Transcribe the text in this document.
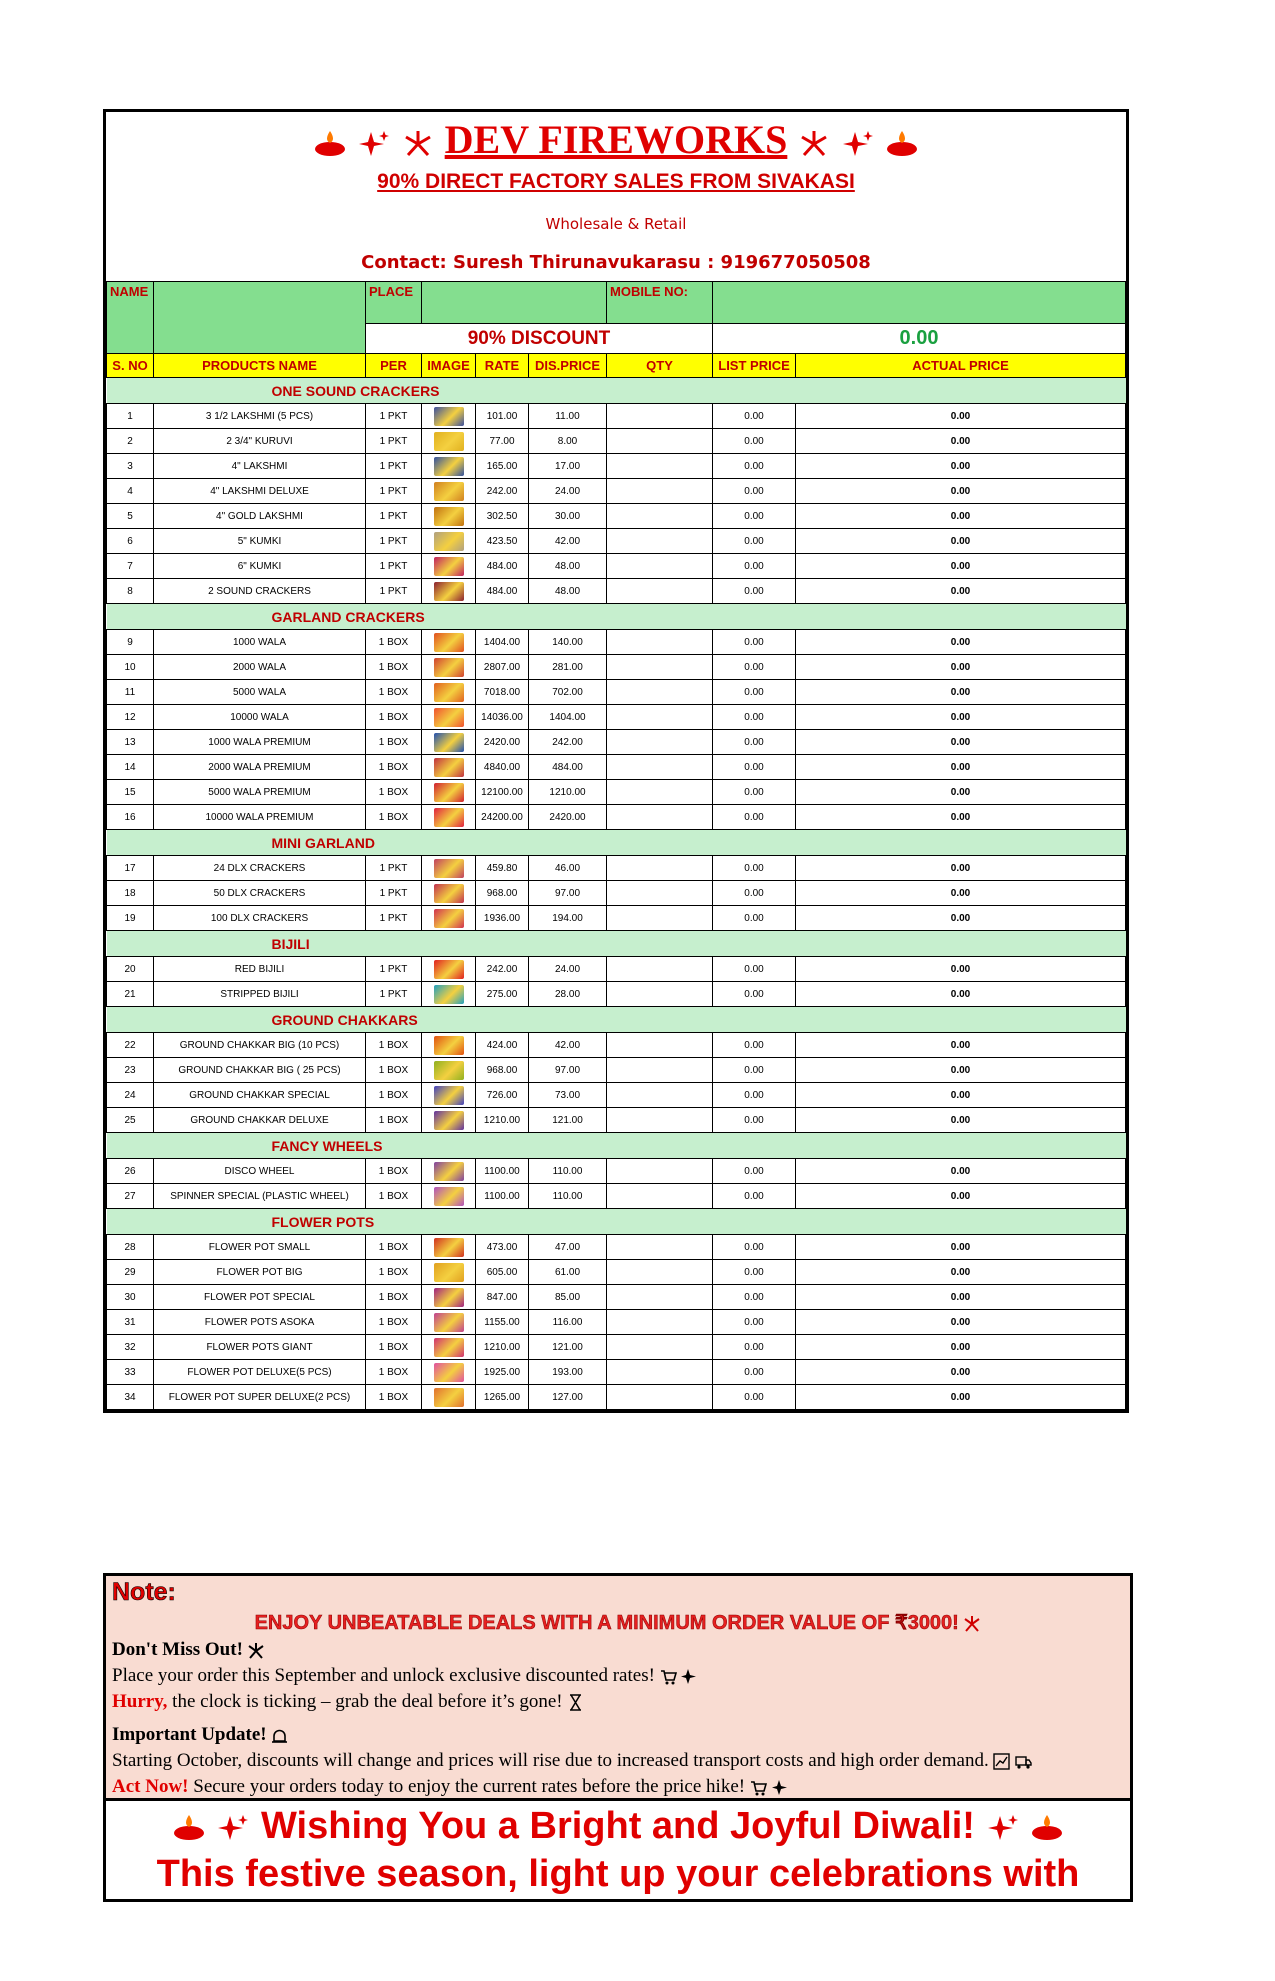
DEV FIREWORKS
90% DIRECT FACTORY SALES FROM SIVAKASI
Wholesale & Retail
Contact: Suresh Thirunavukarasu : 919677050508
NAME		PLACE				MOBILE NO:		
		90% DISCOUNT					0.00	
S. NO	PRODUCTS NAME	PER	IMAGE	RATE	DIS.PRICE	QTY	LIST PRICE	ACTUAL PRICE
ONE SOUND CRACKERS								
1	3 1/2 LAKSHMI (5 PCS)	1 PKT		101.00	11.00		0.00	0.00
2	2 3/4" KURUVI	1 PKT		77.00	8.00		0.00	0.00
3	4" LAKSHMI	1 PKT		165.00	17.00		0.00	0.00
4	4" LAKSHMI DELUXE	1 PKT		242.00	24.00		0.00	0.00
5	4" GOLD LAKSHMI	1 PKT		302.50	30.00		0.00	0.00
6	5" KUMKI	1 PKT		423.50	42.00		0.00	0.00
7	6" KUMKI	1 PKT		484.00	48.00		0.00	0.00
8	2 SOUND CRACKERS	1 PKT		484.00	48.00		0.00	0.00
GARLAND CRACKERS								
9	1000 WALA	1 BOX		1404.00	140.00		0.00	0.00
10	2000 WALA	1 BOX		2807.00	281.00		0.00	0.00
11	5000 WALA	1 BOX		7018.00	702.00		0.00	0.00
12	10000 WALA	1 BOX		14036.00	1404.00		0.00	0.00
13	1000 WALA PREMIUM	1 BOX		2420.00	242.00		0.00	0.00
14	2000 WALA PREMIUM	1 BOX		4840.00	484.00		0.00	0.00
15	5000 WALA PREMIUM	1 BOX		12100.00	1210.00		0.00	0.00
16	10000 WALA PREMIUM	1 BOX		24200.00	2420.00		0.00	0.00
MINI GARLAND								
17	24 DLX CRACKERS	1 PKT		459.80	46.00		0.00	0.00
18	50 DLX CRACKERS	1 PKT		968.00	97.00		0.00	0.00
19	100 DLX CRACKERS	1 PKT		1936.00	194.00		0.00	0.00
BIJILI								
20	RED BIJILI	1 PKT		242.00	24.00		0.00	0.00
21	STRIPPED BIJILI	1 PKT		275.00	28.00		0.00	0.00
GROUND CHAKKARS								
22	GROUND CHAKKAR BIG (10 PCS)	1 BOX		424.00	42.00		0.00	0.00
23	GROUND CHAKKAR BIG ( 25 PCS)	1 BOX		968.00	97.00		0.00	0.00
24	GROUND CHAKKAR SPECIAL	1 BOX		726.00	73.00		0.00	0.00
25	GROUND CHAKKAR DELUXE	1 BOX		1210.00	121.00		0.00	0.00
FANCY WHEELS								
26	DISCO WHEEL	1 BOX		1100.00	110.00		0.00	0.00
27	SPINNER SPECIAL (PLASTIC WHEEL)	1 BOX		1100.00	110.00		0.00	0.00
FLOWER POTS								
28	FLOWER POT SMALL	1 BOX		473.00	47.00		0.00	0.00
29	FLOWER POT BIG	1 BOX		605.00	61.00		0.00	0.00
30	FLOWER POT SPECIAL	1 BOX		847.00	85.00		0.00	0.00
31	FLOWER POTS ASOKA	1 BOX		1155.00	116.00		0.00	0.00
32	FLOWER POTS GIANT	1 BOX		1210.00	121.00		0.00	0.00
33	FLOWER POT DELUXE(5 PCS)	1 BOX		1925.00	193.00		0.00	0.00
34	FLOWER POT SUPER DELUXE(2 PCS)	1 BOX		1265.00	127.00		0.00	0.00
Note:
ENJOY UNBEATABLE DEALS WITH A MINIMUM ORDER VALUE OF ₹3000!
Don't Miss Out!
Place your order this September and unlock exclusive discounted rates!
Hurry, the clock is ticking – grab the deal before it’s gone!
Important Update!
Starting October, discounts will change and prices will rise due to increased transport costs and high order demand.
Act Now! Secure your orders today to enjoy the current rates before the price hike!
Wishing You a Bright and Joyful Diwali!
This festive season, light up your celebrations with
